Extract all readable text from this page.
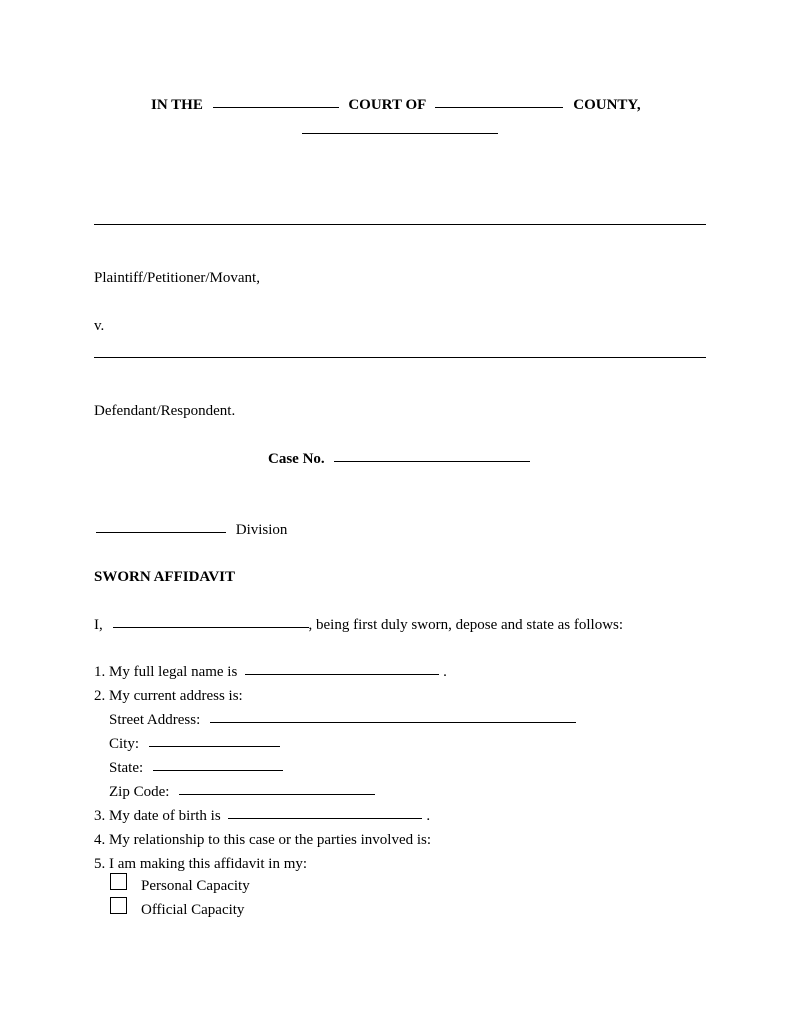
IN THE	COURT OF	COUNTY,
Plaintiff/Petitioner/Movant,
v.
Defendant/Respondent.
Case No.
Division
SWORN AFFIDAVIT
I,	, being first duly sworn, depose and state as follows:
1. My full legal name is	.
2. My current address is:
Street Address:
City:
State:
Zip Code:
3. My date of birth is	.
4. My relationship to this case or the parties involved is:
5. I am making this affidavit in my:
Personal Capacity
Official Capacity
